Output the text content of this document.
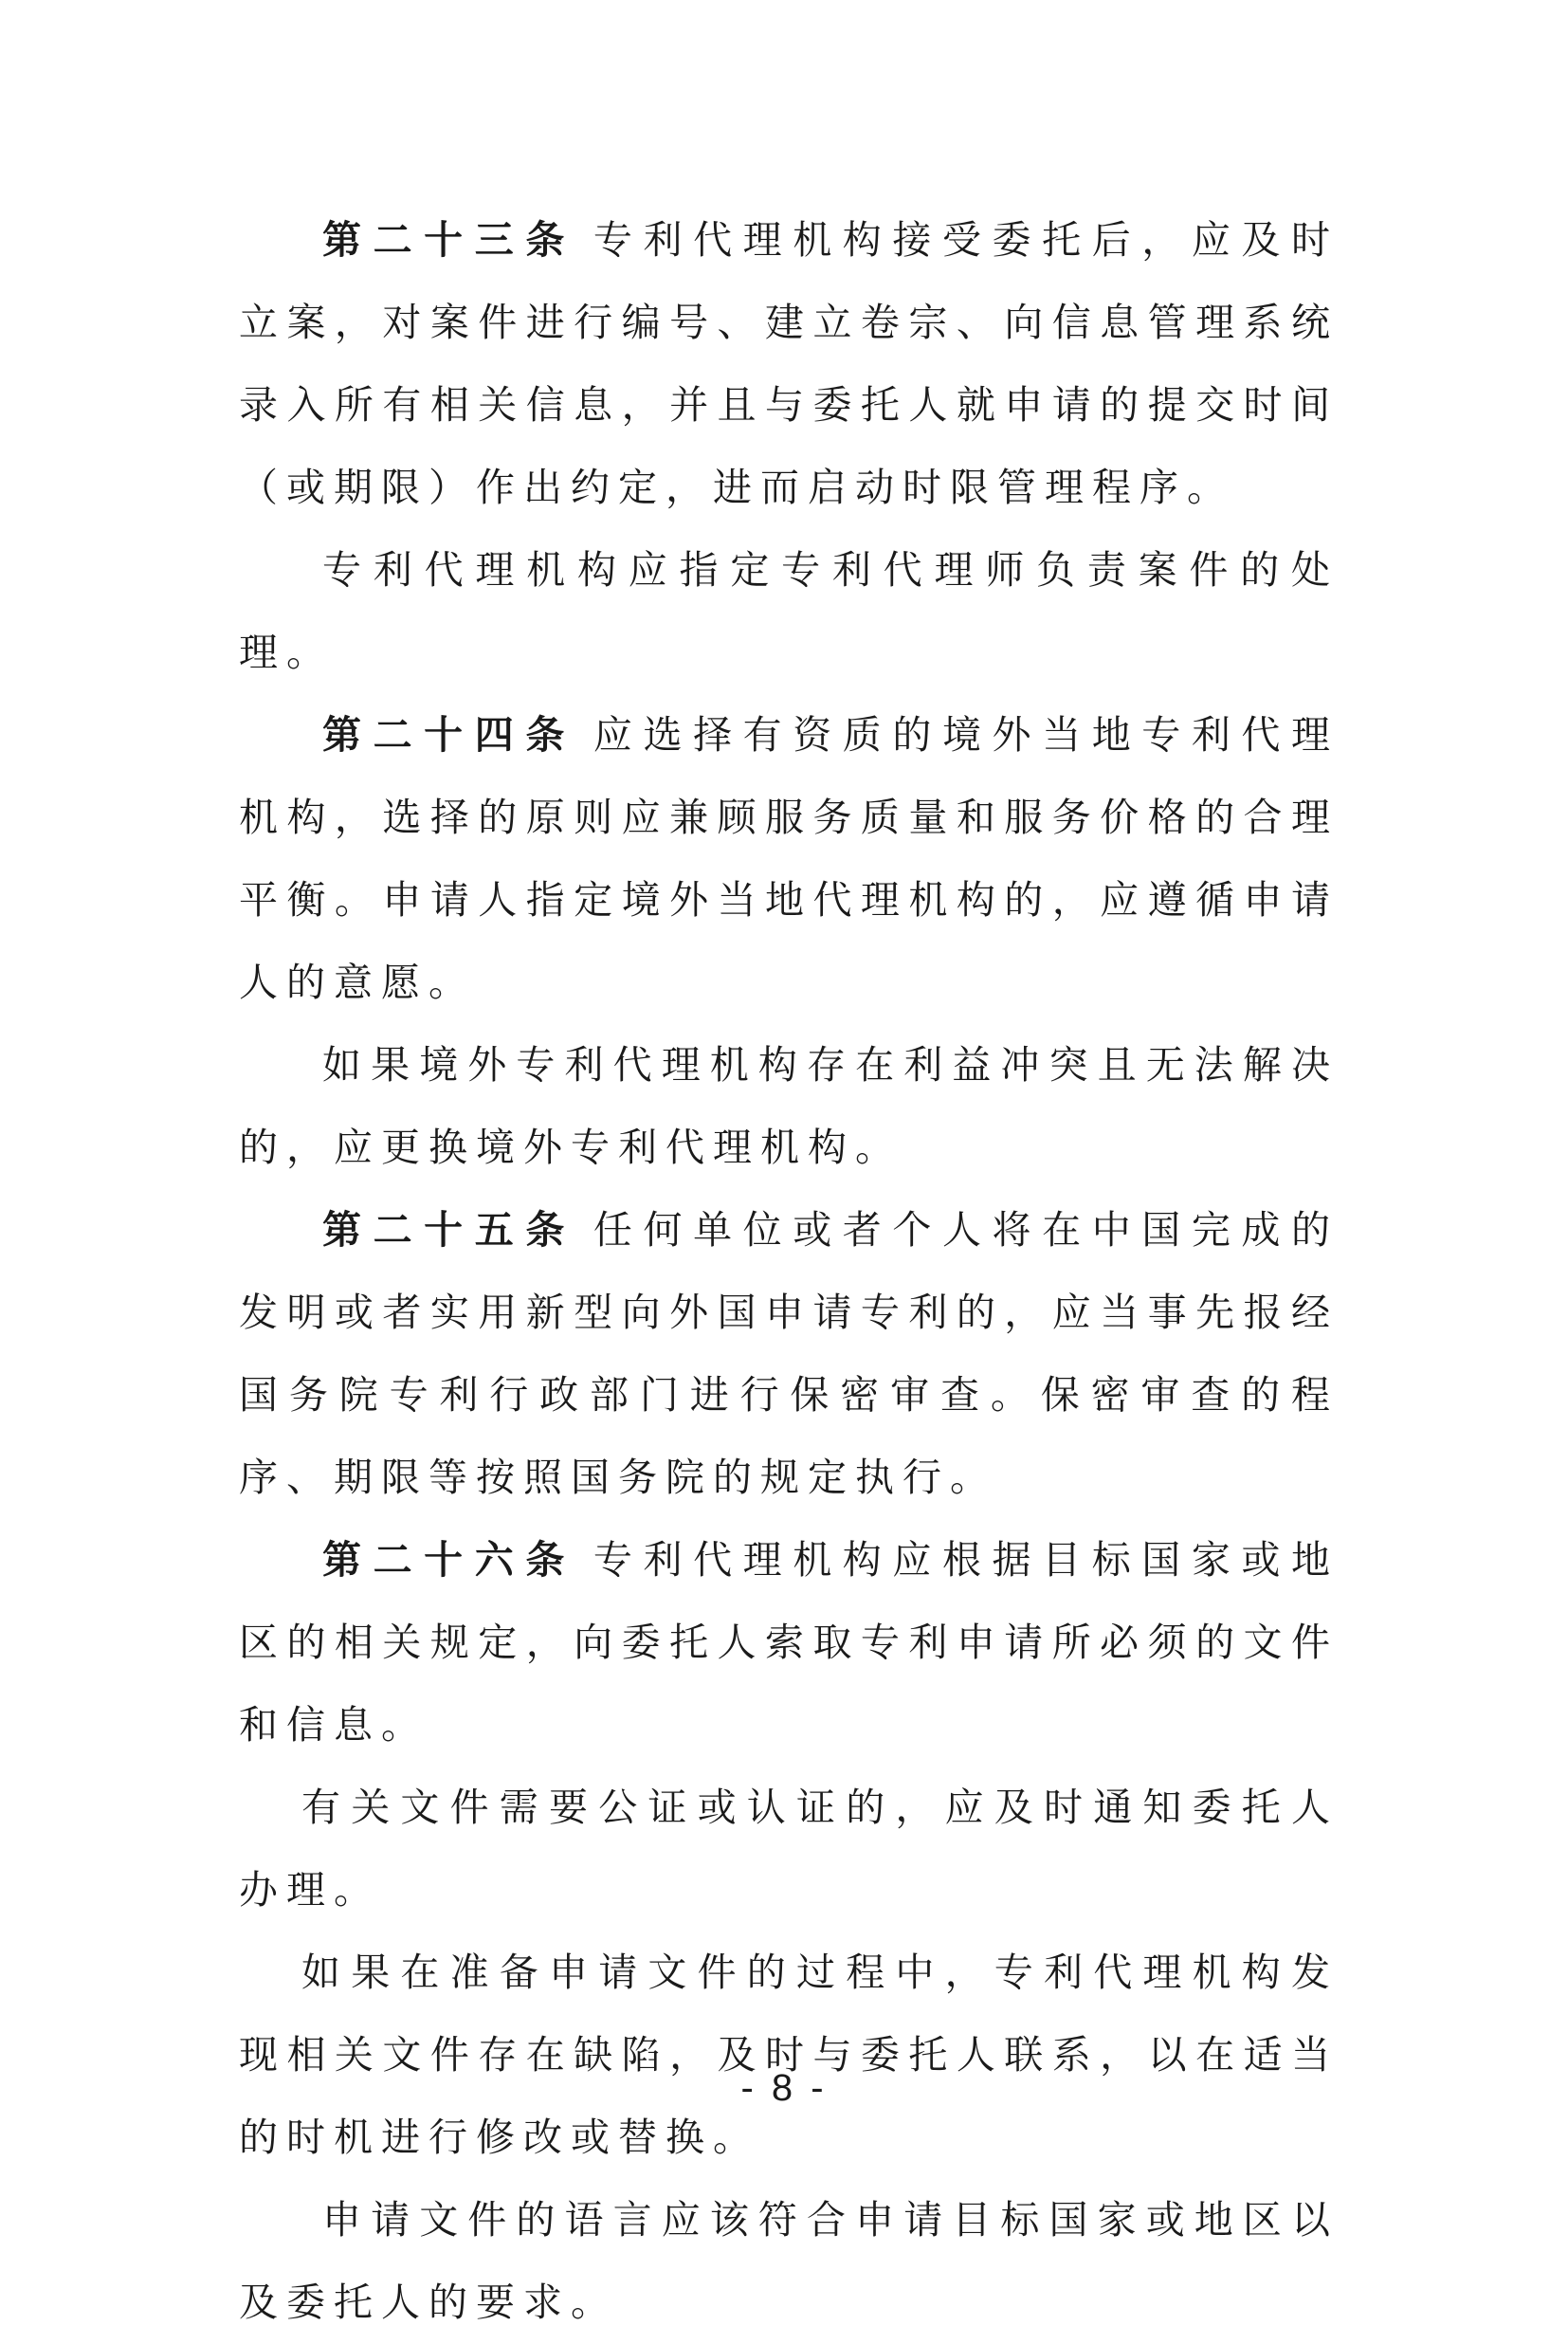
第二十三条 专利代理机构接受委托后，应及时立案，对案件进行编号、建立卷宗、向信息管理系统录入所有相关信息，并且与委托人就申请的提交时间（或期限）作出约定，进而启动时限管理程序。

专利代理机构应指定专利代理师负责案件的处理。

第二十四条 应选择有资质的境外当地专利代理机构，选择的原则应兼顾服务质量和服务价格的合理平衡。申请人指定境外当地代理机构的，应遵循申请人的意愿。

如果境外专利代理机构存在利益冲突且无法解决的，应更换境外专利代理机构。

第二十五条 任何单位或者个人将在中国完成的发明或者实用新型向外国申请专利的，应当事先报经国务院专利行政部门进行保密审查。保密审查的程序、期限等按照国务院的规定执行。

第二十六条 专利代理机构应根据目标国家或地区的相关规定，向委托人索取专利申请所必须的文件和信息。

有关文件需要公证或认证的，应及时通知委托人办理。

如果在准备申请文件的过程中，专利代理机构发现相关文件存在缺陷，及时与委托人联系，以在适当的时机进行修改或替换。

申请文件的语言应该符合申请目标国家或地区以及委托人的要求。

- 8 -
